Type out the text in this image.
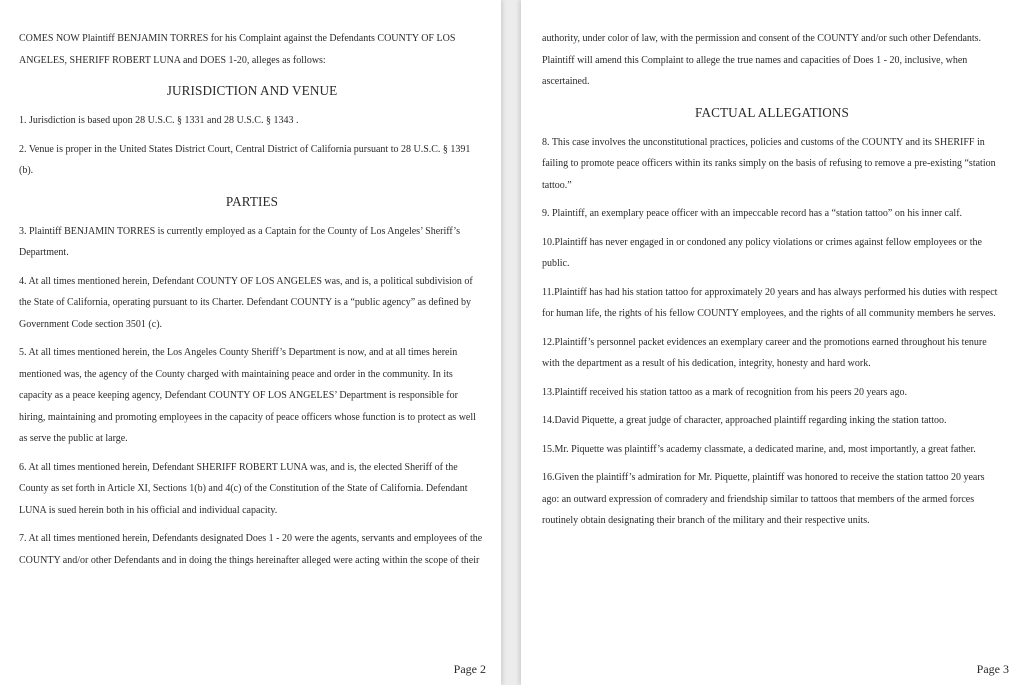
COMES NOW Plaintiff BENJAMIN TORRES for his Complaint against the Defendants COUNTY OF LOS ANGELES, SHERIFF ROBERT LUNA and DOES 1-20, alleges as follows:

JURISDICTION AND VENUE

1. Jurisdiction is based upon 28 U.S.C. § 1331 and 28 U.S.C. § 1343 .

2. Venue is proper in the United States District Court, Central District of California pursuant to 28 U.S.C. § 1391 (b).

PARTIES

3. Plaintiff BENJAMIN TORRES is currently employed as a Captain for the County of Los Angeles’ Sheriff’s Department.

4. At all times mentioned herein, Defendant COUNTY OF LOS ANGELES was, and is, a political subdivision of the State of California, operating pursuant to its Charter. Defendant COUNTY is a “public agency” as defined by Government Code section 3501 (c).

5. At all times mentioned herein, the Los Angeles County Sheriff’s Department is now, and at all times herein mentioned was, the agency of the County charged with maintaining peace and order in the community. In its capacity as a peace keeping agency, Defendant COUNTY OF LOS ANGELES’ Department is responsible for hiring, maintaining and promoting employees in the capacity of peace officers whose function is to protect as well as serve the public at large.

6. At all times mentioned herein, Defendant SHERIFF ROBERT LUNA was, and is, the elected Sheriff of the County as set forth in Article XI, Sections 1(b) and 4(c) of the Constitution of the State of California. Defendant LUNA is sued herein both in his official and individual capacity.

7. At all times mentioned herein, Defendants designated Does 1 - 20 were the agents, servants and employees of the COUNTY and/or other Defendants and in doing the things hereinafter alleged were acting within the scope of their

Page 2

authority, under color of law, with the permission and consent of the COUNTY and/or such other Defendants. Plaintiff will amend this Complaint to allege the true names and capacities of Does 1 - 20, inclusive, when ascertained.

FACTUAL ALLEGATIONS

8. This case involves the unconstitutional practices, policies and customs of the COUNTY and its SHERIFF in failing to promote peace officers within its ranks simply on the basis of refusing to remove a pre-existing “station tattoo.”

9. Plaintiff, an exemplary peace officer with an impeccable record has a “station tattoo” on his inner calf.

10.Plaintiff has never engaged in or condoned any policy violations or crimes against fellow employees or the public.

11.Plaintiff has had his station tattoo for approximately 20 years and has always performed his duties with respect for human life, the rights of his fellow COUNTY employees, and the rights of all community members he serves.

12.Plaintiff’s personnel packet evidences an exemplary career and the promotions earned throughout his tenure with the department as a result of his dedication, integrity, honesty and hard work.

13.Plaintiff received his station tattoo as a mark of recognition from his peers 20 years ago.

14.David Piquette, a great judge of character, approached plaintiff regarding inking the station tattoo.

15.Mr. Piquette was plaintiff’s academy classmate, a dedicated marine, and, most importantly, a great father.

16.Given the plaintiff’s admiration for Mr. Piquette, plaintiff was honored to receive the station tattoo 20 years ago: an outward expression of comradery and friendship similar to tattoos that members of the armed forces routinely obtain designating their branch of the military and their respective units.

Page 3
